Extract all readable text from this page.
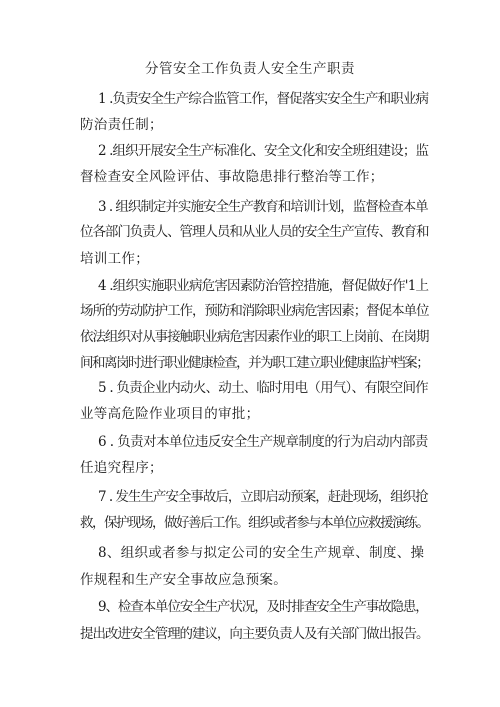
分管安全工作负责人安全生产职责
1 .负责安全生产综合监管工作，督促落实安全生产和职业病
防治责任制；
2 .组织开展安全生产标准化、安全文化和安全班组建设；监
督检查安全风险评估、事故隐患排行整治等工作；
3 . 组织制定并实施安全生产教育和培训计划，监督检查本单
位各部门负责人、管理人员和从业人员的安全生产宣传、教育和
培训工作；
4 .组织实施职业病危害因素防治管控措施，督促做好作'1上
场所的劳动防护工作，预防和消除职业病危害因素；督促本单位
依法组织对从事接触职业病危害因素作业的职工上岗前、在岗期
间和离岗时进行职业健康检查，并为职工建立职业健康监护档案；
5 . 负责企业内动火、动土、临时用电（用气）、有限空间作
业等高危险作业项目的审批；
6 . 负责对本单位违反安全生产规章制度的行为启动内部责
任追究程序；
7 . 发生生产安全事故后，立即启动预案，赶赴现场，组织抢
救，保护现场，做好善后工作。组织或者参与本单位应救援演练。
8、组织或者参与拟定公司的安全生产规章、制度、操
作规程和生产安全事故应急预案。
9、检查本单位安全生产状况，及时排查安全生产事故隐患，
提出改进安全管理的建议，向主要负责人及有关部门做出报告。
